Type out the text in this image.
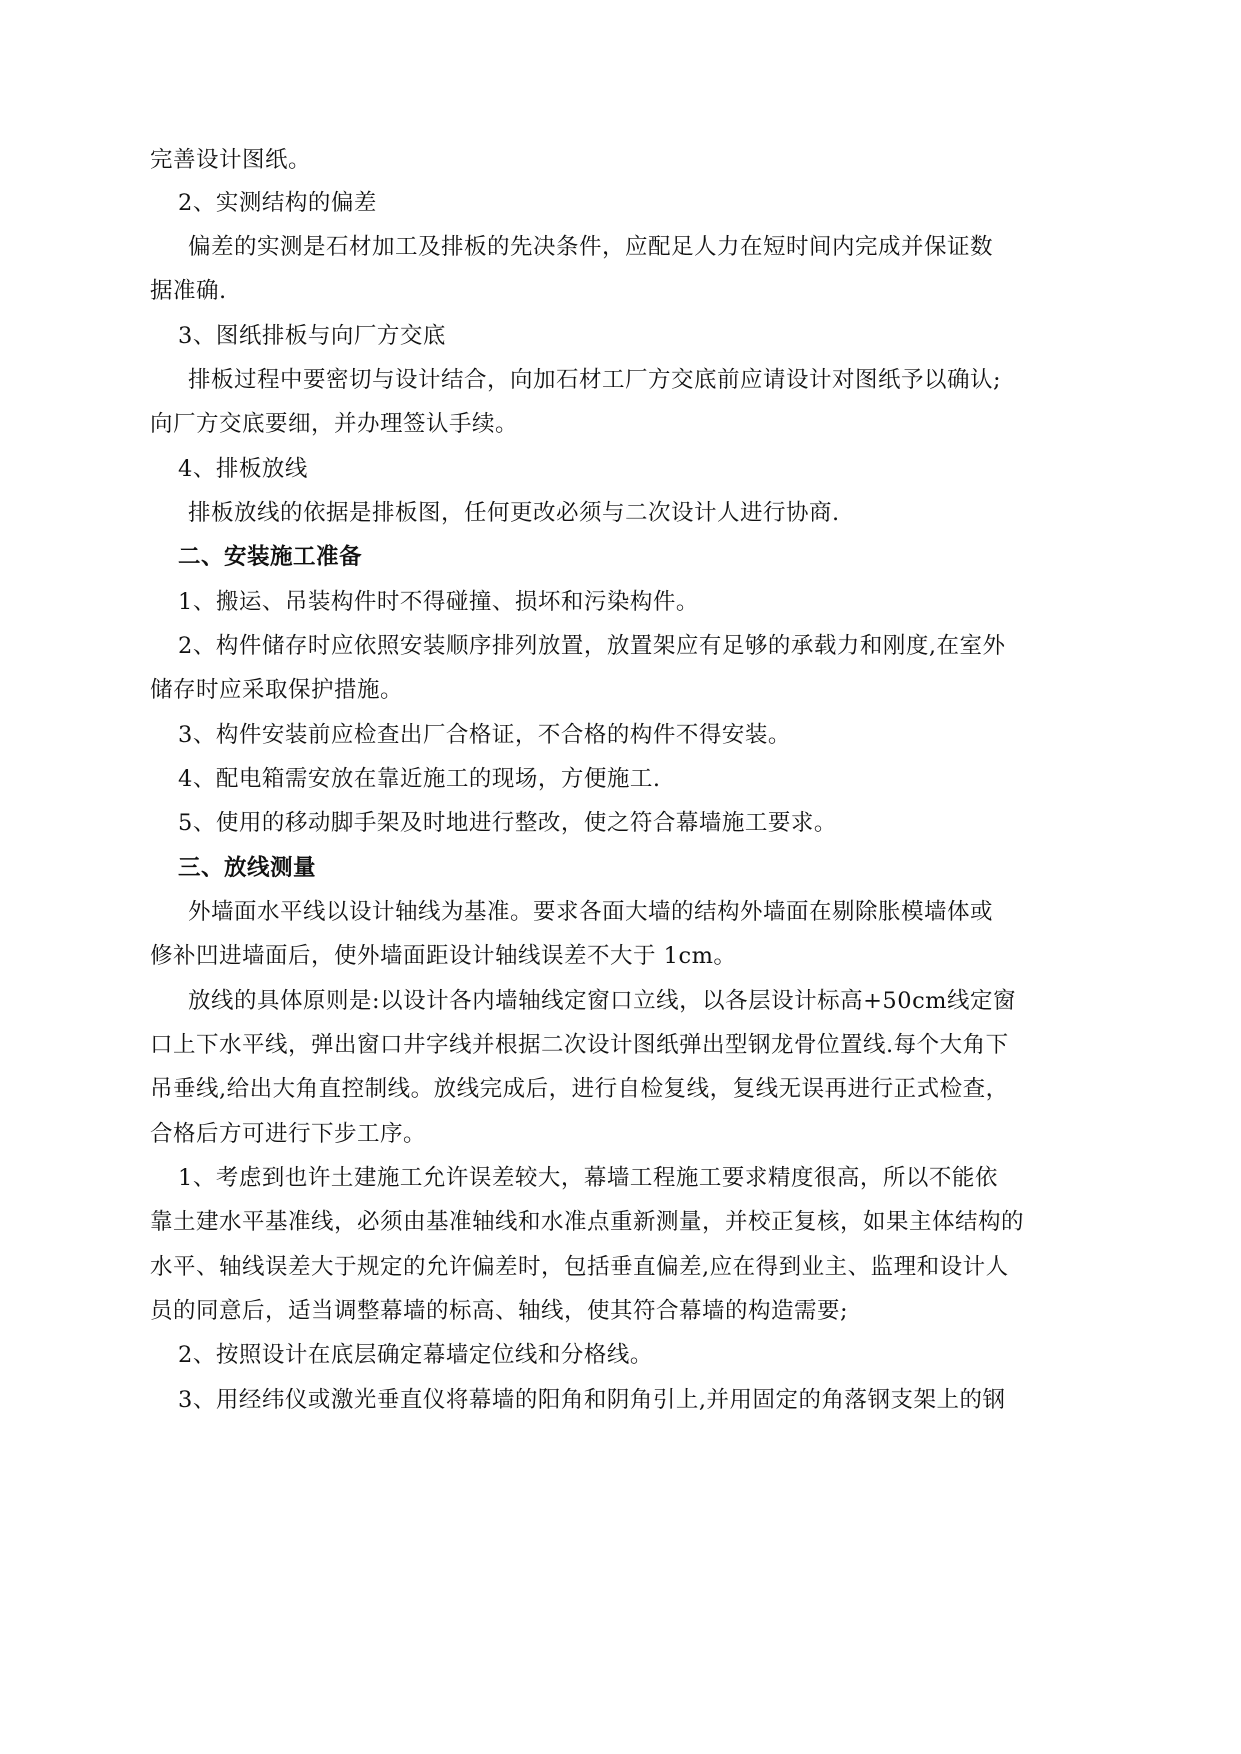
完善设计图纸。
2、实测结构的偏差
偏差的实测是石材加工及排板的先决条件，应配足人力在短时间内完成并保证数
据准确.
3、图纸排板与向厂方交底
排板过程中要密切与设计结合，向加石材工厂方交底前应请设计对图纸予以确认;
向厂方交底要细，并办理签认手续。
4、排板放线
排板放线的依据是排板图，任何更改必须与二次设计人进行协商.
二、安装施工准备
1、搬运、吊装构件时不得碰撞、损坏和污染构件。
2、构件储存时应依照安装顺序排列放置，放置架应有足够的承载力和刚度,在室外
储存时应采取保护措施。
3、构件安装前应检查出厂合格证，不合格的构件不得安装。
4、配电箱需安放在靠近施工的现场，方便施工.
5、使用的移动脚手架及时地进行整改，使之符合幕墙施工要求。
三、放线测量
外墙面水平线以设计轴线为基准。要求各面大墙的结构外墙面在剔除胀模墙体或
修补凹进墙面后，使外墙面距设计轴线误差不大于 1cm。
放线的具体原则是:以设计各内墙轴线定窗口立线，以各层设计标高+50cm线定窗
口上下水平线，弹出窗口井字线并根据二次设计图纸弹出型钢龙骨位置线.每个大角下
吊垂线,给出大角直控制线。放线完成后，进行自检复线，复线无误再进行正式检查，
合格后方可进行下步工序。
1、考虑到也许土建施工允许误差较大，幕墙工程施工要求精度很高，所以不能依
靠土建水平基准线，必须由基准轴线和水准点重新测量，并校正复核，如果主体结构的
水平、轴线误差大于规定的允许偏差时，包括垂直偏差,应在得到业主、监理和设计人
员的同意后，适当调整幕墙的标高、轴线，使其符合幕墙的构造需要;
2、按照设计在底层确定幕墙定位线和分格线。
3、用经纬仪或激光垂直仪将幕墙的阳角和阴角引上,并用固定的角落钢支架上的钢
